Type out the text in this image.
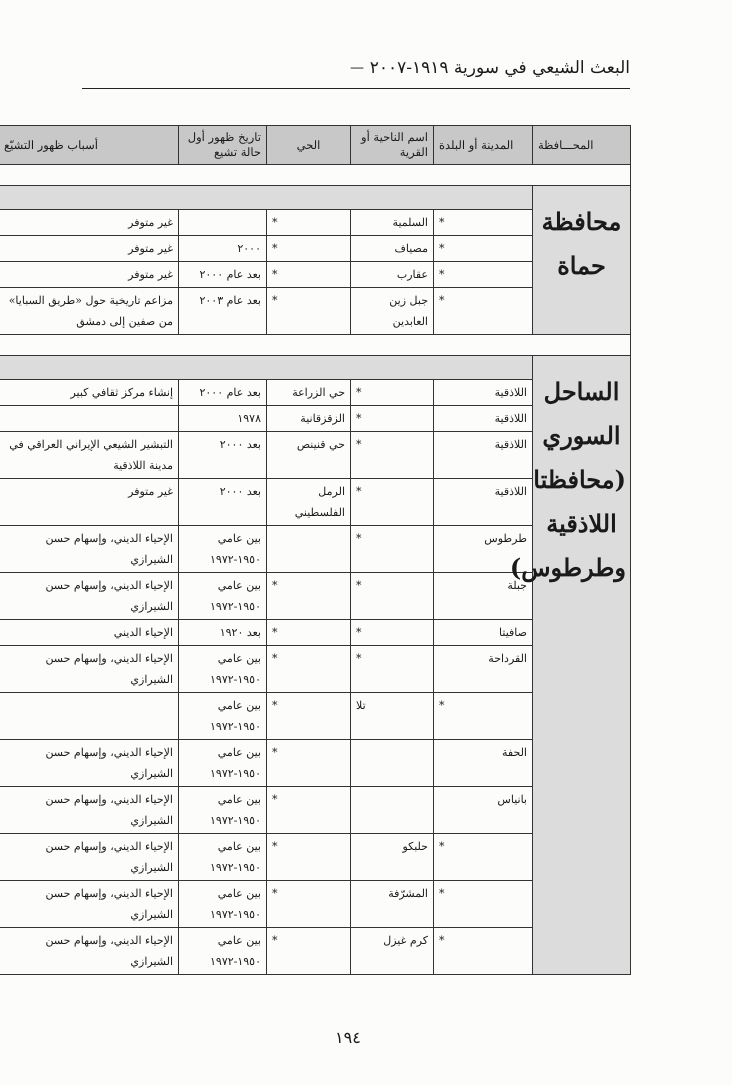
البعث الشيعي في سورية ١٩١٩-٢٠٠٧
—
المحـــافظة	المدينة أو البلدة	اسم الناحية أو القرية	الحي	تاريخ ظهور أول حالة تشيع	أسباب ظهور التشيّع

محافظة حماة					
	*	السلمية	*		غير متوفر
	*	مصياف	*	٢٠٠٠	غير متوفر
	*	عقارب	*	بعد عام ٢٠٠٠	غير متوفر
	*	جبل زين العابدين	*	بعد عام ٢٠٠٣	مزاعم تاريخية حول «طريق السبايا» من صفين إلى دمشق

الساحل السوري (محافظتا اللاذقية وطرطوس)					
	اللاذقية	*	حي الزراعة	بعد عام ٢٠٠٠	إنشاء مركز ثقافي كبير
	اللاذقية	*	الزقزقانية	١٩٧٨	
	اللاذقية	*	حي قنينص	بعد ٢٠٠٠	التبشير الشيعي الإيراني العراقي في مدينة اللاذقية
	اللاذقية	*	الرمل الفلسطيني	بعد ٢٠٠٠	غير متوفر
	طرطوس	*		بين عامي ١٩٥٠-١٩٧٢	الإحياء الديني، وإسهام حسن الشيرازي
	جبلة	*	*	بين عامي ١٩٥٠-١٩٧٢	الإحياء الديني، وإسهام حسن الشيرازي
	صافيتا	*	*	بعد ١٩٢٠	الإحياء الديني
	القرداحة	*	*	بين عامي ١٩٥٠-١٩٧٢	الإحياء الديني، وإسهام حسن الشيرازي
	*	تلا	*	بين عامي ١٩٥٠-١٩٧٢	
	الحفة		*	بين عامي ١٩٥٠-١٩٧٢	الإحياء الديني، وإسهام حسن الشيرازي
	بانياس		*	بين عامي ١٩٥٠-١٩٧٢	الإحياء الديني، وإسهام حسن الشيرازي
	*	حلبكو	*	بين عامي ١٩٥٠-١٩٧٢	الإحياء الديني، وإسهام حسن الشيرازي
	*	المشرّفة	*	بين عامي ١٩٥٠-١٩٧٢	الإحياء الديني، وإسهام حسن الشيرازي
	*	كرم غيزل	*	بين عامي ١٩٥٠-١٩٧٢	الإحياء الديني، وإسهام حسن الشيرازي
١٩٤
